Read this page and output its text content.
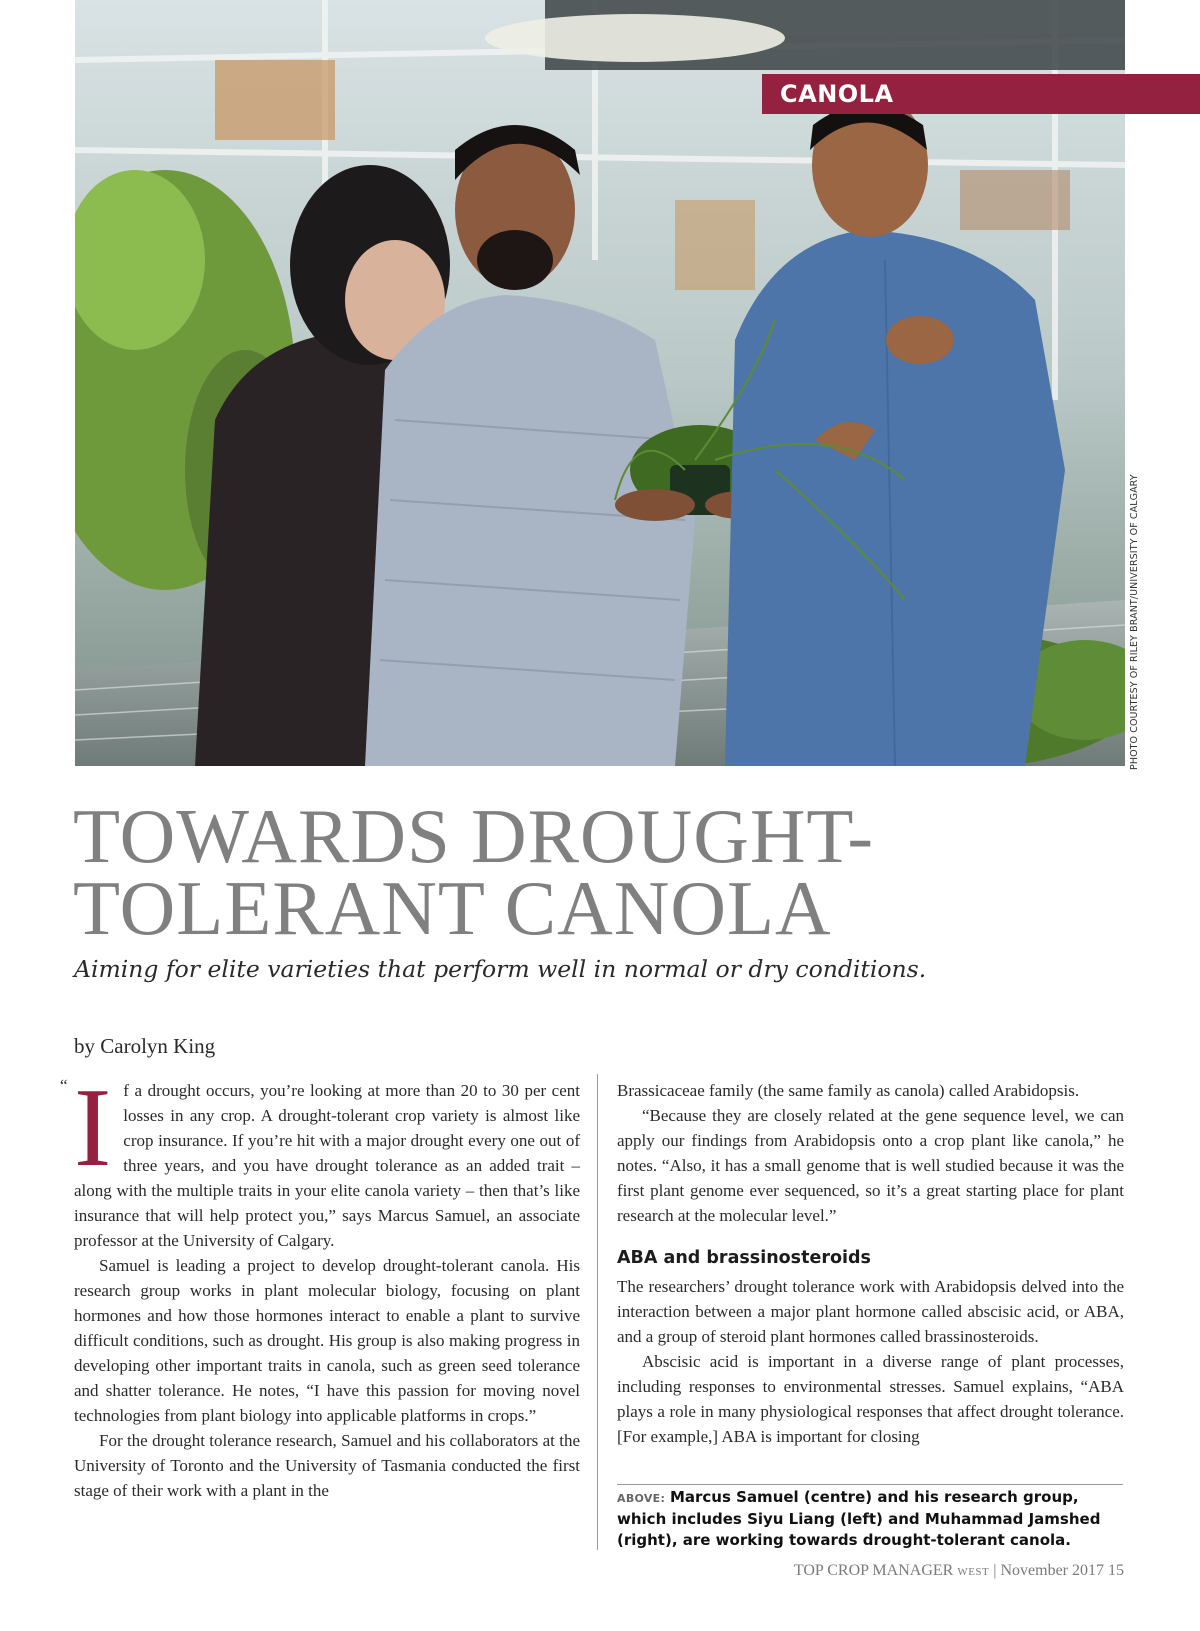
CANOLA
PHOTO COURTESY OF RILEY BRANT/UNIVERSITY OF CALGARY
TOWARDS DROUGHT-
TOLERANT CANOLA
Aiming for elite varieties that perform well in normal or dry conditions.
by Carolyn King
“ I f a drought occurs, you’re looking at more than 20 to 30 per cent losses in any crop. A drought-tolerant crop variety is almost like crop insurance. If you’re hit with a major drought every one out of three years, and you have drought tolerance as an added trait – along with the multiple traits in your elite canola variety – then that’s like insurance that will help protect you,” says Marcus Samuel, an associate professor at the University of Calgary.

Samuel is leading a project to develop drought-tolerant canola. His research group works in plant molecular biology, focusing on plant hormones and how those hormones interact to enable a plant to survive difficult conditions, such as drought. His group is also making progress in developing other important traits in canola, such as green seed tolerance and shatter tolerance. He notes, “I have this passion for moving novel technologies from plant biology into applicable platforms in crops.”

For the drought tolerance research, Samuel and his collaborators at the University of Toronto and the University of Tasmania conducted the first stage of their work with a plant in the

Brassicaceae family (the same family as canola) called Arabidopsis.

“Because they are closely related at the gene sequence level, we can apply our findings from Arabidopsis onto a crop plant like canola,” he notes. “Also, it has a small genome that is well studied because it was the first plant genome ever sequenced, so it’s a great starting place for plant research at the molecular level.”

ABA and brassinosteroids

The researchers’ drought tolerance work with Arabidopsis delved into the interaction between a major plant hormone called abscisic acid, or ABA, and a group of steroid plant hormones called brassinosteroids.

Abscisic acid is important in a diverse range of plant processes, including responses to environmental stresses. Samuel explains, “ABA plays a role in many physiological responses that affect drought tolerance. [For example,] ABA is important for closing

ABOVE: Marcus Samuel (centre) and his research group, which includes Siyu Liang (left) and Muhammad Jamshed (right), are working towards drought-tolerant canola.
TOP CROP MANAGER WEST | November 2017 15
